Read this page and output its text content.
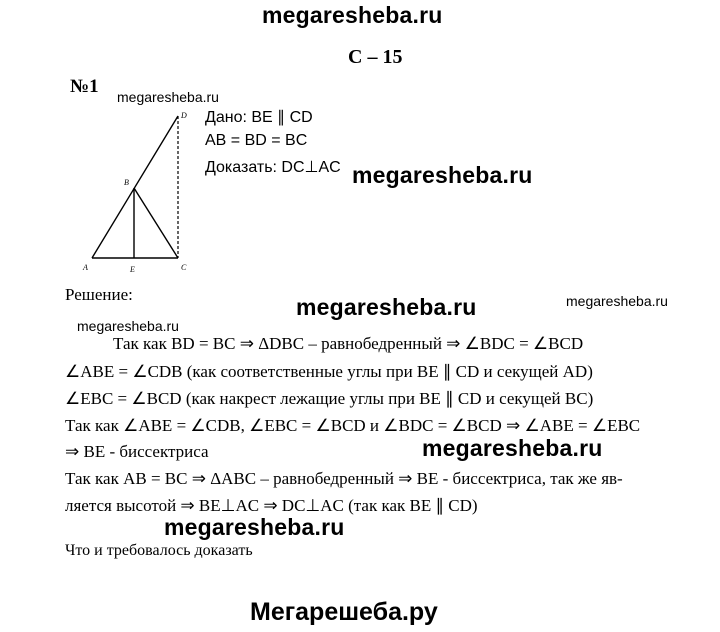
megaresheba.ru
C – 15
№1 megaresheba.ru
A
B
C
D
E
Дано: BE ∥ CD
AB = BD = BC
Доказать: DC⊥AC megaresheba.ru
Решение:	megaresheba.ru	megaresheba.ru
megaresheba.ru
Так как BD = BC ⇒ ΔDBC – равнобедренный ⇒ ∠BDC = ∠BCD
∠ABE = ∠CDB (как соответственные углы при BE ∥ CD и секущей AD)
∠EBC = ∠BCD (как накрест лежащие углы при BE ∥ CD и секущей BC)
Так как ∠ABE = ∠CDB, ∠EBC = ∠BCD и ∠BDC = ∠BCD ⇒ ∠ABE = ∠EBC
megaresheba.ru
⇒ BE - биссектриса
Так как AB = BC ⇒ ΔABC – равнобедренный ⇒ BE - биссектриса, так же яв-
ляется высотой ⇒ BE⊥AC ⇒ DC⊥AC (так как BE ∥ CD)
megaresheba.ru
Что и требовалось доказать
Мегарешеба.ру
